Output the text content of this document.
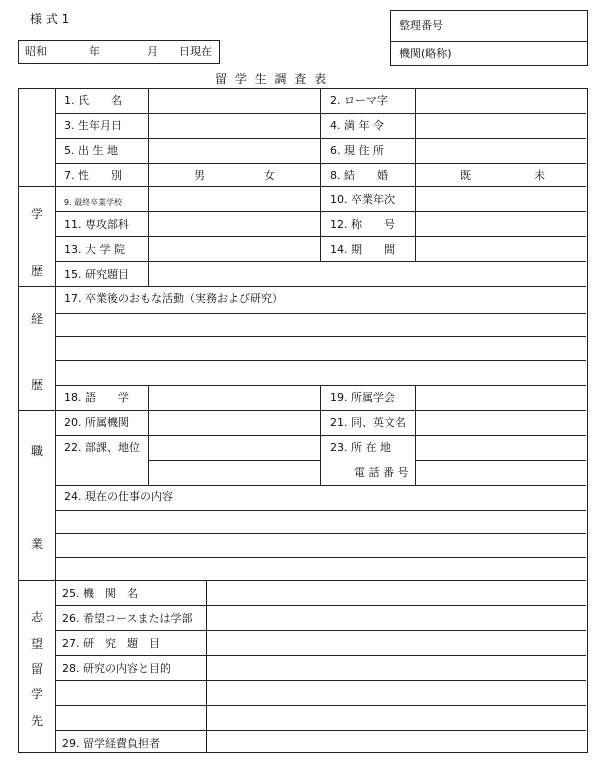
様 式 1
昭和	年	月 日現在
整理番号
機関(略称)
留 学 生 調 査 表
1. 氏　　名	2. ローマ字
3. 生年月日	4. 満 年 令
5. 出 生 地	6. 現 住 所
7. 性　　別	男	女	8. 結　　婚	既	未
学
歴
9. 最終卒業学校	10. 卒業年次
11. 専攻部科	12. 称　　号
13. 大 学 院	14. 期　　間
15. 研究題目
経
歴
17. 卒業後のおもな活動（実務および研究）
18. 語　　学	19. 所属学会
職
業
20. 所属機関	21. 同、英文名
22. 部課、地位	23. 所 在 地
電 話 番 号
24. 現在の仕事の内容
志
望
留
学
先
25. 機　関　名
26. 希望コースまたは学部
27. 研　究　題　目
28. 研究の内容と目的
29. 留学経費負担者
